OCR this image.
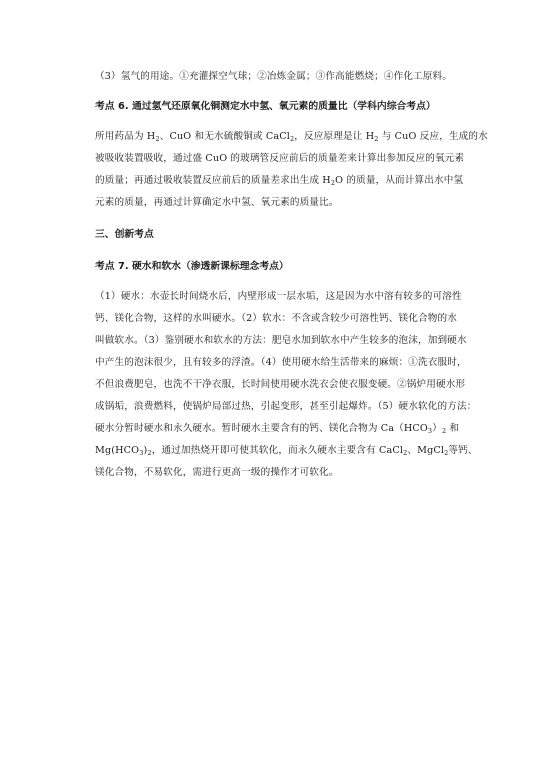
（3）氢气的用途。①充灌探空气球；②冶炼金属；③作高能燃烧；④作化工原料。

考点 6. 通过氢气还原氧化铜测定水中氢、氧元素的质量比（学科内综合考点）

所用药品为 $H_2$、CuO 和无水硫酸铜或 CaCl$_2$，反应原理是让 $H_2$ 与 CuO 反应，生成的水
被吸收装置吸收，通过盛 CuO 的玻璃管反应前后的质量差来计算出参加反应的氧元素
的质量；再通过吸收装置反应前后的质量差求出生成 $H_2O$ 的质量，从而计算出水中氢
元素的质量，再通过计算确定水中氢、氧元素的质量比。

三、创新考点

考点 7. 硬水和软水（渗透新课标理念考点）

（1）硬水：水壶长时间烧水后，内壁形成一层水垢，这是因为水中溶有较多的可溶性
钙、镁化合物，这样的水叫硬水。（2）软水：不含或含较少可溶性钙、镁化合物的水
叫做软水。（3）鉴别硬水和软水的方法：肥皂水加到软水中产生较多的泡沫，加到硬水
中产生的泡沫很少，且有较多的浮渣。（4）使用硬水给生活带来的麻烦：①洗衣服时，
不但浪费肥皂，也洗不干净衣服，长时间使用硬水洗衣会使衣服变硬。②锅炉用硬水形
成锅垢，浪费燃料，使锅炉局部过热，引起变形，甚至引起爆炸。（5）硬水软化的方法：
硬水分暂时硬水和永久硬水。暂时硬水主要含有的钙、镁化合物为 $Ca(HCO_3)_2$ 和
$Mg(HCO_3)_2$，通过加热烧开即可使其软化，而永久硬水主要含有 CaCl$_2$、MgCl$_2$等钙、
镁化合物，不易软化，需进行更高一级的操作才可软化。
